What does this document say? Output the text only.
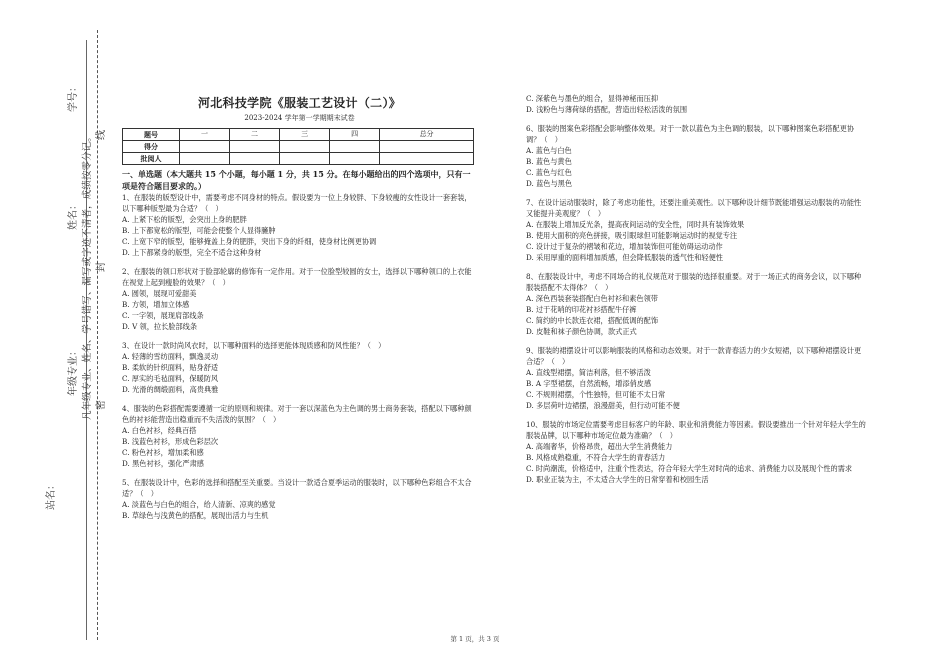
学号：
姓名：
年级专业：
站名：
凡年级专业、姓名、学号错写、漏写或字迹不清者，成绩按零分记。 线
封
密
河北科技学院《服装工艺设计（二）》
2023-2024 学年第一学期期末试卷
题号	一	二	三	四	总分
得分					
批阅人					
一、单选题（本大题共 15 个小题，每小题 1 分，共 15 分。在每小题给出的四个选项中，只有一项是符合题目要求的。）
1、在服装的版型设计中，需要考虑不同身材的特点。假设要为一位上身较胖、下身较瘦的女性设计一套套装，以下哪种版型最为合适？（　）
A. 上紧下松的版型，会突出上身的肥胖
B. 上下都宽松的版型，可能会使整个人显得臃肿
C. 上宽下窄的版型，能够掩盖上身的肥胖，突出下身的纤细，使身材比例更协调
D. 上下都紧身的版型，完全不适合这种身材
2、在服装的领口形状对于脸部轮廓的修饰有一定作用。对于一位脸型较圆的女士，选择以下哪种领口的上衣能在视觉上起到瘦脸的效果？（　）
A. 圆领，展现可爱甜美
B. 方领，增加立体感
C. 一字领，展现肩部线条
D. V 领，拉长脸部线条
3、在设计一款时尚风衣时，以下哪种面料的选择更能体现质感和防风性能？（　）
A. 轻薄的雪纺面料，飘逸灵动
B. 柔软的针织面料，贴身舒适
C. 厚实的毛毡面料，保暖防风
D. 光滑的绸缎面料，高贵典雅
4、服装的色彩搭配需要遵循一定的原则和规律。对于一套以深蓝色为主色调的男士商务套装，搭配以下哪种颜色的衬衫能营造出稳重而不失活泼的氛围？（　）
A. 白色衬衫，经典百搭
B. 浅蓝色衬衫，形成色彩层次
C. 粉色衬衫，增加柔和感
D. 黑色衬衫，强化严肃感
5、在服装设计中，色彩的选择和搭配至关重要。当设计一款适合夏季运动的服装时，以下哪种色彩组合不太合适？（　）
A. 淡蓝色与白色的组合，给人清新、凉爽的感觉
B. 草绿色与浅黄色的搭配，展现出活力与生机
C. 深紫色与墨色的组合，显得神秘而压抑
D. 浅粉色与薄荷绿的搭配，营造出轻松活泼的氛围
6、服装的图案色彩搭配会影响整体效果。对于一款以蓝色为主色调的服装，以下哪种图案色彩搭配更协调？（　）
A. 蓝色与白色
B. 蓝色与黄色
C. 蓝色与红色
D. 蓝色与黑色
7、在设计运动服装时，除了考虑功能性，还要注重美观性。以下哪种设计细节既能增强运动服装的功能性又能提升美观度？（　）
A. 在服装上增加反光条，提高夜间运动的安全性，同时具有装饰效果
B. 使用大面积的亮色拼接，吸引眼球但可能影响运动时的视觉专注
C. 设计过于复杂的褶皱和花边，增加装饰但可能妨碍运动动作
D. 采用厚重的面料增加质感，但会降低服装的透气性和轻便性
8、在服装设计中，考虑不同场合的礼仪规范对于服装的选择很重要。对于一场正式的商务会议，以下哪种服装搭配不太得体？（　）
A. 深色西装套装搭配白色衬衫和素色领带
B. 过于花哨的印花衬衫搭配牛仔裤
C. 简约的中长款连衣裙，搭配低调的配饰
D. 皮鞋和袜子颜色协调，款式正式
9、服装的裙摆设计可以影响服装的风格和动态效果。对于一款青春活力的少女短裙，以下哪种裙摆设计更合适？（　）
A. 直线型裙摆，简洁利落，但不够活泼
B. A 字型裙摆，自然流畅，增添俏皮感
C. 不规则裙摆，个性独特，但可能不太日常
D. 多层荷叶边裙摆，浪漫甜美，但行动可能不便
10、服装的市场定位需要考虑目标客户的年龄、职业和消费能力等因素。假设要推出一个针对年轻大学生的服装品牌，以下哪种市场定位最为准确？（　）
A. 高端奢华，价格昂贵，超出大学生消费能力
B. 风格成熟稳重，不符合大学生的青春活力
C. 时尚潮流，价格适中，注重个性表达，符合年轻大学生对时尚的追求、消费能力以及展现个性的需求
D. 职业正装为主，不太适合大学生的日常穿着和校园生活
第 1 页，共 3 页
